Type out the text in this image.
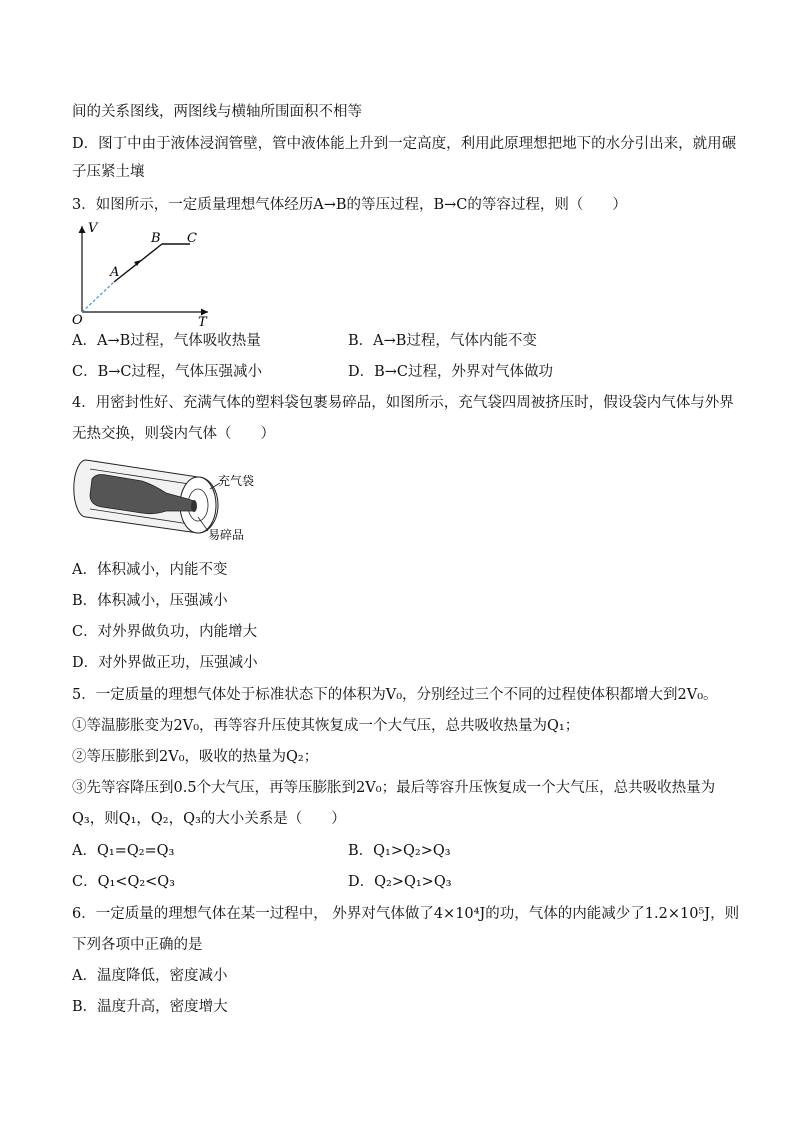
间的关系图线，两图线与横轴所围面积不相等
D．图丁中由于液体浸润管壁，管中液体能上升到一定高度，利用此原理想把地下的水分引出来，就用碾
子压紧土壤
3．如图所示，一定质量理想气体经历A→B的等压过程，B→C的等容过程，则（　　）
V
T
O
A
B C
A．A→B过程，气体吸收热量	B．A→B过程，气体内能不变
C．B→C过程，气体压强减小	D．B→C过程，外界对气体做功
4．用密封性好、充满气体的塑料袋包裹易碎品，如图所示，充气袋四周被挤压时，假设袋内气体与外界
无热交换，则袋内气体（　　）
充气袋
易碎品
A．体积减小，内能不变
B．体积减小，压强减小
C．对外界做负功，内能增大
D．对外界做正功，压强减小
5．一定质量的理想气体处于标准状态下的体积为V₀，分别经过三个不同的过程使体积都增大到2V₀。
①等温膨胀变为2V₀，再等容升压使其恢复成一个大气压，总共吸收热量为Q₁；
②等压膨胀到2V₀，吸收的热量为Q₂；
③先等容降压到0.5个大气压，再等压膨胀到2V₀；最后等容升压恢复成一个大气压，总共吸收热量为
Q₃，则Q₁，Q₂，Q₃的大小关系是（　　）
A．Q₁=Q₂=Q₃	B．Q₁>Q₂>Q₃
C．Q₁<Q₂<Q₃	D．Q₂>Q₁>Q₃
6．一定质量的理想气体在某一过程中， 外界对气体做了4×10⁴J的功，气体的内能减少了1.2×10⁵J，则
下列各项中正确的是
A．温度降低，密度减小
B．温度升高，密度增大
